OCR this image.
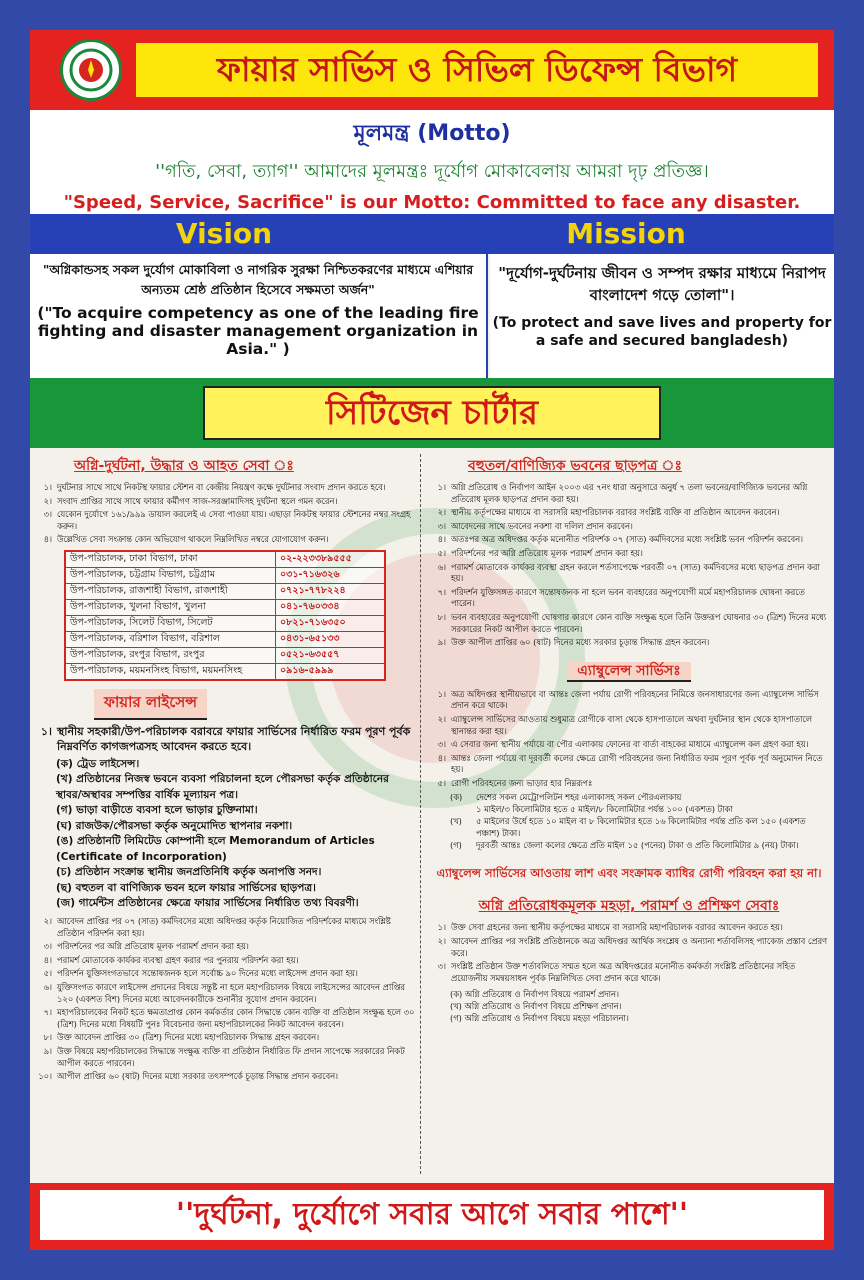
ফায়ার সার্ভিস ও সিভিল ডিফেন্স বিভাগ
মূলমন্ত্র (Motto)
''গতি, সেবা, ত্যাগ'' আমাদের মূলমন্ত্রঃ দূর্যোগ মোকাবেলায় আমরা দৃঢ় প্রতিজ্ঞ।
"Speed, Service, Sacrifice" is our Motto: Committed to face any disaster.
Vision	Mission
"অগ্নিকান্ডসহ সকল দুর্যোগ মোকাবিলা ও নাগরিক সুরক্ষা নিশ্চিতকরণের মাধ্যমে এশিয়ার অন্যতম শ্রেষ্ঠ প্রতিষ্ঠান হিসেবে সক্ষমতা অর্জন"
("To acquire competency as one of the leading fire fighting and disaster management organization in Asia." )
"দূর্যোগ-দুর্ঘটনায় জীবন ও সম্পদ রক্ষার মাধ্যমে নিরাপদ বাংলাদেশ গড়ে তোলা"।
(To protect and save lives and property for a safe and secured bangladesh)
সিটিজেন চার্টার
অগ্নি-দুর্ঘটনা, উদ্ধার ও আহত সেবা ঃ
১। দুর্ঘটনার সাথে সাথে নিকটস্থ ফায়ার স্টেশন বা কেন্দ্রীয় নিয়ন্ত্রণ কক্ষে দুর্ঘটনার সংবাদ প্রদান করতে হবে।
২। সংবাদ প্রাপ্তির সাথে সাথে ফায়ার কর্মীগণ সাজ-সরঞ্জামাদিসহ দুর্ঘটনা স্থলে গমন করেন।
৩। যেকোন দুর্যোগে ১৬১/৯৯৯ ডায়াল করলেই এ সেবা পাওয়া যায়। এছাড়া নিকটস্থ ফায়ার স্টেশনের নম্বর সংগ্রহ করুন।
৪। উল্লেখিত সেবা সংক্রান্ত কোন অভিযোগ থাকলে নিম্নলিখিত নম্বরে যোগাযোগ করুন।
উপ-পরিচালক, ঢাকা বিভাগ, ঢাকা	০২-২২৩৩৮৯৫৫৫
উপ-পরিচালক, চট্টগ্রাম বিভাগ, চট্টগ্রাম	০৩১-৭১৬৩২৬
উপ-পরিচালক, রাজশাহী বিভাগ, রাজশাহী	০৭২১-৭৭৮২২৪
উপ-পরিচালক, খুলনা বিভাগ, খুলনা	০৪১-৭৬০৩৩৪
উপ-পরিচালক, সিলেট বিভাগ, সিলেট	০৮২১-৭১৬৩৫০
উপ-পরিচালক, বরিশাল বিভাগ, বরিশাল	০৪৩১-৬৫১৩৩
উপ-পরিচালক, রংপুর বিভাগ, রংপুর	০৫২১-৬৩৫৫৭
উপ-পরিচালক, ময়মনসিংহ বিভাগ, ময়মনসিংহ	০৯১৬-৫৯৯৯
ফায়ার লাইসেন্স
১। স্থানীয় সহকারী/উপ-পরিচালক বরাবরে ফায়ার সার্ভিসের নির্ধারিত ফরম পূরণ পূর্বক নিম্নবর্ণিত কাগজপত্রসহ আবেদন করতে হবে।
(ক) ট্রেড লাইসেন্স।
(খ) প্রতিষ্ঠানের নিজস্ব ভবনে ব্যবসা পরিচালনা হলে পৌরসভা কর্তৃক প্রতিষ্ঠানের স্থাবর/অস্থাবর সম্পত্তির বার্ষিক মূল্যায়ন পত্র।
(গ) ভাড়া বাড়ীতে ব্যবসা হলে ভাড়ার চুক্তিনামা।
(ঘ) রাজউক/পৌরসভা কর্তৃক অনুমোদিত স্থাপনার নকশা।
(ঙ) প্রতিষ্ঠানটি লিমিটেড কোম্পানী হলে Memorandum of Articles (Certificate of Incorporation)
(চ) প্রতিষ্ঠান সংক্রান্ত স্থানীয় জনপ্রতিনিধি কর্তৃক অনাপত্তি সনদ।
(ছ) বহুতল বা বাণিজ্যিক ভবন হলে ফায়ার সার্ভিসের ছাড়পত্র।
(জ) গার্মেন্টস প্রতিষ্ঠানের ক্ষেত্রে ফায়ার সার্ভিসের নির্ধারিত তথ্য বিবরণী।
২। আবেদন প্রাপ্তির পর ০৭ (সাত) কর্মদিবসের মধ্যে অধিদপ্তর কর্তৃক নিয়োজিত পরিদর্শকের মাধ্যমে সংশ্লিষ্ট প্রতিষ্ঠান পরিদর্শন করা হয়।
৩। পরিদর্শনের পর অগ্নি প্রতিরোধ মূলক পরামর্শ প্রদান করা হয়।
৪। পরামর্শ মোতাবেক কার্যকর ব্যবস্থা গ্রহণ করার পর পুনরায় পরিদর্শন করা হয়।
৫। পরিদর্শন যুক্তিসংগতভাবে সন্তোষজনক হলে সর্বোচ্চ ৯০ দিনের মধ্যে লাইসেন্স প্রদান করা হয়।
৬। যুক্তিসংগত কারণে লাইসেন্স প্রদানের বিষয়ে সন্তুষ্ট না হলে মহাপরিচালক বিষয়ে লাইসেন্সের আবেদন প্রাপ্তির ১২০ (একশত বিশ) দিনের মধ্যে আবেদনকারীকে শুনানীর সুযোগ প্রদান করবেন।
৭। মহাপরিচালকের নিকট হতে ক্ষমতাপ্রাপ্ত কোন কর্মকর্তার কোন সিদ্ধান্তে কোন ব্যক্তি বা প্রতিষ্ঠান সংক্ষুব্ধ হলে ৩০ (ত্রিশ) দিনের মধ্যে বিষয়টি পুনঃ বিবেচনার জন্য মহাপরিচালকের নিকট আবেদন করবেন।
৮। উক্ত আবেদন প্রাপ্তির ৩০ (ত্রিশ) দিনের মধ্যে মহাপরিচালক সিদ্ধান্ত গ্রহন করবেন।
৯। উক্ত বিষয়ে মহাপরিচালকের সিদ্ধান্তে সংক্ষুব্ধ ব্যক্তি বা প্রতিষ্ঠান নির্ধারিত ফি প্রদান সাপেক্ষে সরকারের নিকট আপীল করতে পারবেন।
১০। আপীল প্রাপ্তির ৬০ (ষাট) দিনের মধ্যে সরকার তৎসম্পর্কে চূড়ান্ত সিদ্ধান্ত প্রদান করবেন।
বহুতল/বাণিজ্যিক ভবনের ছাড়পত্র ঃ
১। অগ্নি প্রতিরোধ ও নির্বাপণ আইন ২০০৩ এর ৭নং ধারা অনুসারে অনুর্ধ ৭ তলা ভবনের/বাণিজ্যিক ভবনের অগ্নি প্রতিরোধ মূলক ছাড়পত্র প্রদান করা হয়।
২। স্থানীয় কর্তৃপক্ষের মাধ্যমে বা সরাসরি মহাপরিচালক বরাবর সংশ্লিষ্ট ব্যক্তি বা প্রতিষ্ঠান আবেদন করবেন।
৩। আবেদনের সাথে ভবনের নকশা বা দলিল প্রদান করবেন।
৪। অতঃপর অত্র অধিদপ্তর কর্তৃক মনোনীত পরিদর্শক ০৭ (সাত) কর্মদিবসের মধ্যে সংশ্লিষ্ট ভবন পরিদর্শন করবেন।
৫। পরিদর্শনের পর অগ্নি প্রতিরোধ মূলক পরামর্শ প্রদান করা হয়।
৬। পরামর্শ মোতাবেক কার্যকর ব্যবস্থা গ্রহন করলে শর্তসাপেক্ষে পরবর্তী ০৭ (সাত) কর্মদিবসের মধ্যে ছাড়পত্র প্রদান করা হয়।
৭। পরিদর্শন যুক্তিসঙ্গত কারণে সন্তোষজনক না হলে ভবন ব্যবহারের অনুপযোগী মর্মে মহাপরিচালক ঘোষনা করতে পারেন।
৮। ভবন ব্যবহারের অনুপযোগী ঘোষণার কারণে কোন ব্যক্তি সংক্ষুব্ধ হলে তিনি উক্তরূপ ঘোষনার ৩০ (ত্রিশ) দিনের মধ্যে সরকারের নিকট আপীল করতে পারবেন।
৯। উক্ত আপীল প্রাপ্তির ৬০ (ষাট) দিনের মধ্যে সরকার চূড়ান্ত সিদ্ধান্ত গ্রহন করবেন।
এ্যাম্বুলেন্স সার্ভিসঃ
১। অত্র অধিদপ্তর স্থানীয়ভাবে বা আন্তঃ জেলা পর্যায় রোগী পরিবহনের নিমিত্তে জনসাধারণের জন্য এ্যাম্বুলেন্স সার্ভিস প্রদান করে থাকে।
২। এ্যাম্বুলেন্স সার্ভিসের আওতায় শুধুমাত্র রোগীকে বাসা থেকে হাসপাতালে অথবা দুর্ঘটনার স্থান থেকে হাসপাতালে স্থানান্তর করা হয়।
৩। এ সেবার জন্য স্থানীয় পর্যায়ে বা পৌর এলাকায় ফোনের বা বার্তা বাহকের মাধ্যমে এ্যাম্বুলেন্স কল গ্রহণ করা হয়।
৪। আন্তঃ জেলা পর্যায়ে বা দূরবর্তী কলের ক্ষেত্রে রোগী পরিবহনের জন্য নির্ধারিত ফরম পূরণ পূর্বক পূর্ব অনুমোদন নিতে হয়।
৫। রোগী পরিবহনের জন্য ভাড়ার হার নিম্নরূপঃ
(ক)	দেশের সকল মেট্রোপলিটন শহর এলাকাসহ সকল পৌরএলাকায়
১ মাইল/৩ কিলোমিটার হতে ৫ মাইল/৮ কিলোমিটার পর্যন্ত ১০০ (একশত) টাকা
(খ)	৫ মাইলের উর্ধে হতে ১০ মাইল বা ৮ কিলোমিটার হতে ১৬ কিলোমিটার পর্যন্ত প্রতি কল ১৫০ (একশত পঞ্চাশ) টাকা।
(গ)	দূরবর্তী আন্তঃ জেলা কলের ক্ষেত্রে প্রতি মাইল ১৫ (পনের) টাকা ও প্রতি কিলোমিটার ৯ (নয়) টাকা।
এ্যাম্বুলেন্স সার্ভিসের আওতায় লাশ এবং সংক্রামক ব্যাধির রোগী পরিবহন করা হয় না।
অগ্নি প্রতিরোধকমূলক মহড়া, পরামর্শ ও প্রশিক্ষণ সেবাঃ
১। উক্ত সেবা গ্রহনের জন্য স্থানীয় কর্তৃপক্ষের মাধ্যমে বা সরাসরি মহাপরিচালক বরাবর আবেদন করতে হয়।
২। আবেদন প্রাপ্তির পর সংশ্লিষ্ট প্রতিষ্ঠানকে অত্র অধিদপ্তর আর্থিক সংশ্লেষ ও অন্যান্য শর্তাবলিসহ প্যাকেজ প্রস্তাব প্রেরণ করে।
৩। সংশ্লিষ্ট প্রতিষ্ঠান উক্ত শর্তাবলিতে সম্মত হলে অত্র অধিদপ্তরের মনোনীত কর্মকর্তা সংশ্লিষ্ট প্রতিষ্ঠানের সহিত প্রয়োজনীয় সমন্বয়সাধন পূর্বক নিম্নলিখিত সেবা প্রদান করে থাকে।
(ক) অগ্নি প্রতিরোধ ও নির্বাপণ বিষয়ে পরামর্শ প্রদান।
(খ) অগ্নি প্রতিরোধ ও নির্বাপণ বিষয়ে প্রশিক্ষণ প্রদান।
(গ) অগ্নি প্রতিরোধ ও নির্বাপণ বিষয়ে মহড়া পরিচালনা।
''দুর্ঘটনা, দুর্যোগে সবার আগে সবার পাশে''
